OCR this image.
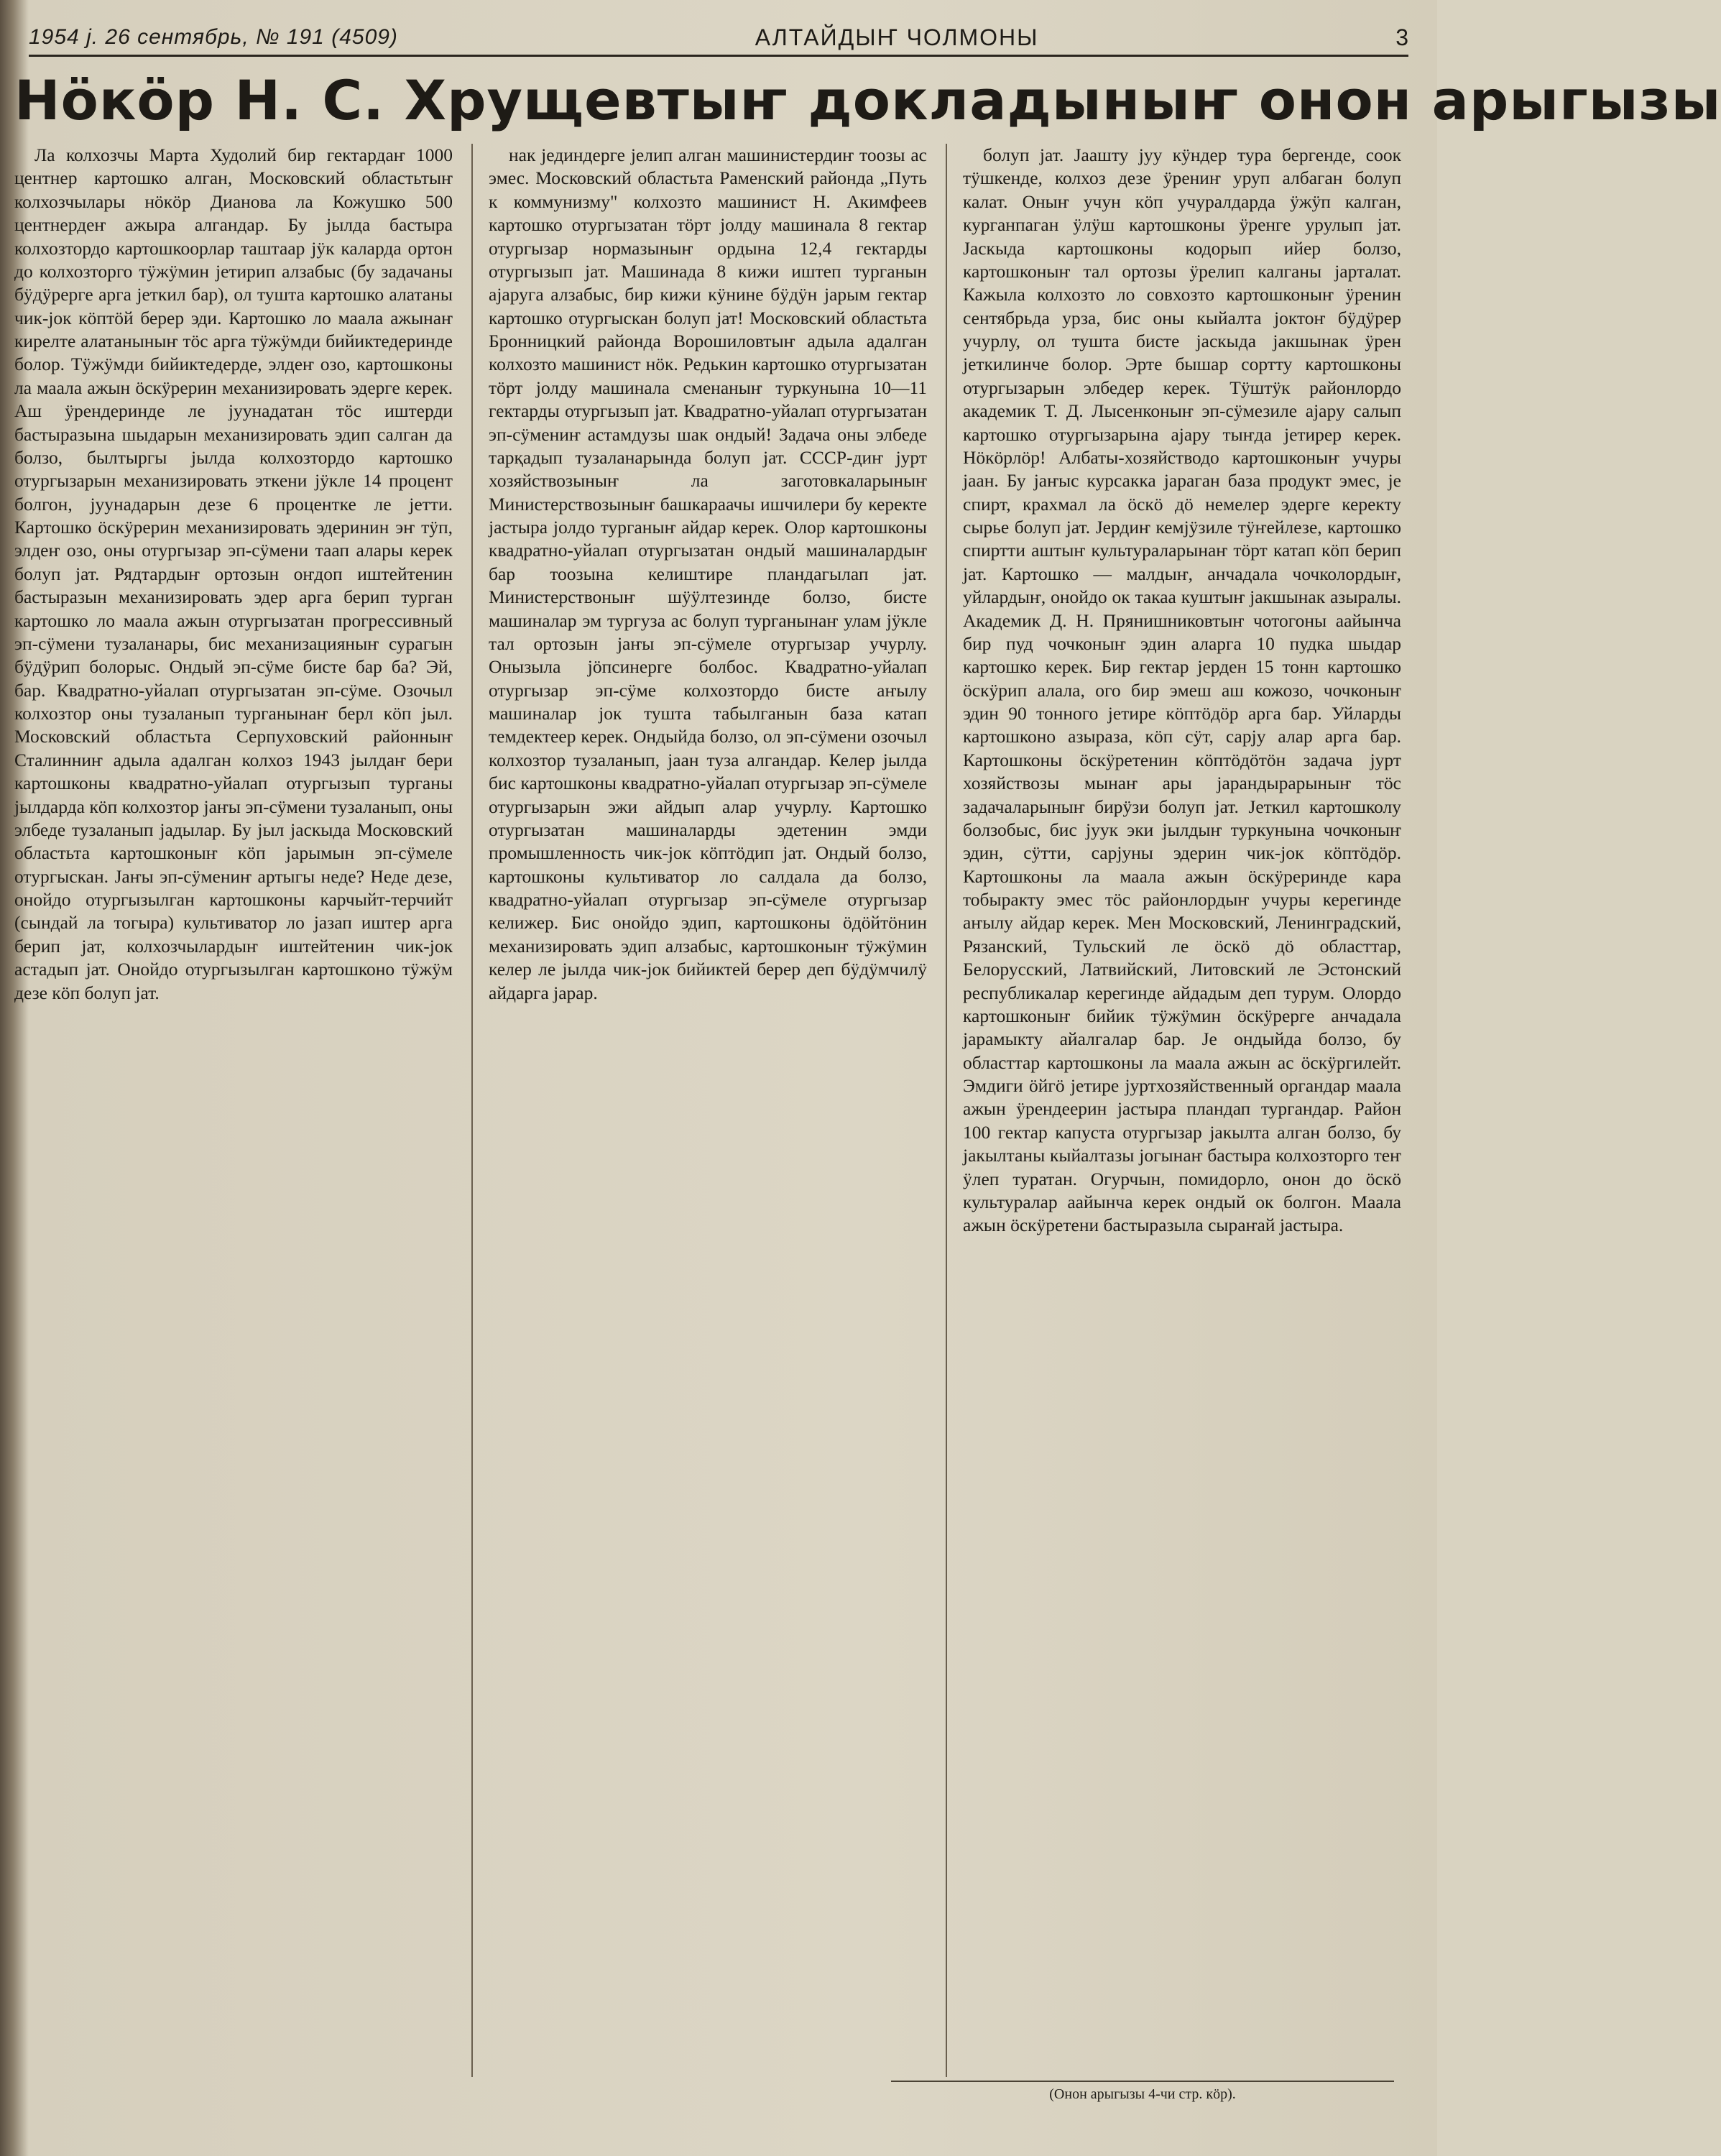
1954 j. 26 сентябрь, № 191 (4509)	АЛТАЙДЫҤ ЧОЛМОНЫ	3
Нӧкӧр Н. С. Хрущевтыҥ докладыныҥ онон арыгызы

Ла колхозчы Марта Худолий бир гектардаҥ 1000 центнер картошко алган, Московский областьтыҥ колхозчылары нӧкӧр Дианова ла Кожушко 500 центнердеҥ ажыра алгандар. Бу јылда бастыра колхозтордо картошкоорлар таштаар јӱк каларда ортон до колхозторго тӱжӱмин јетирип алзабыс (бу задачаны бӱдӱрерге арга јеткил бар), ол тушта картошко алатаны чик-јок кӧптӧй берер эди. Картошко ло маала ажынаҥ кирелте алатаныныҥ тӧс арга тӱжӱмди бийиктедеринде болор. Тӱжӱмди бийиктедерде, элдеҥ озо, картошконы ла маала ажын ӧскӱрерин механизировать эдерге керек. Аш ӱрендеринде ле јуунадатан тӧс иштерди бастыразына шыдарын механизировать эдип салган да болзо, былтыргы јылда колхозтордо картошко отургызарын механизировать эткени јӱкле 14 процент болгон, јуунадарын дезе 6 процентке ле јетти. Картошко ӧскӱрерин механизировать эдеринин эҥ тӱп, элдеҥ озо, оны отургызар эп-сӱмени таап алары керек болуп јат. Рядтардыҥ ортозын оҥдоп иштейтенин бастыразын механизировать эдер арга берип турган картошко ло маала ажын отургызатан прогрессивный эп-сӱмени тузаланары, бис механизацияныҥ сурагын бӱдӱрип болорыс. Ондый эп-сӱме бисте бар ба? Эй, бар. Квадратно-уйалап отургызатан эп-сӱме. Озочыл колхозтор оны тузаланып турганынаҥ берл кӧп јыл. Московский областьта Серпуховский районныҥ Сталинниҥ адыла адалган колхоз 1943 јылдаҥ бери картошконы квадратно-уйалап отургызып турганы јылдарда кӧп колхозтор јаҥы эп-сӱмени тузаланып, оны элбеде тузаланып јадылар. Бу јыл јаскыда Московский областьта картошконыҥ кӧп јарымын эп-сӱмеле отургыскан. Јаҥы эп-сӱмениҥ артыгы неде? Неде дезе, онойдо отургызылган картошконы карчыйт-терчийт (сындай ла тогыра) культиватор ло јазап иштер арга берип јат, колхозчылардыҥ иштейтенин чик-јок астадып јат. Онойдо отургызылган картошконо тӱжӱм дезе кӧп болуп јат.

нак јединдерге јелип алган машинистердиҥ тоозы ас эмес. Московский областьта Раменский районда „Путь к коммунизму" колхозто машинист Н. Акимфеев картошко отургызатан тӧрт јолду машинала 8 гектар отургызар нормазыныҥ ордына 12,4 гектарды отургызып јат. Машинада 8 кижи иштеп турганын ајаруга алзабыс, бир кижи кӱнине бӱдӱн јарым гектар картошко отургыскан болуп јат! Московский областьта Бронницкий районда Ворошиловтыҥ адыла адалган колхозто машинист нӧк. Редькин картошко отургызатан тӧрт јолду машинала сменаныҥ туркунына 10—11 гектарды отургызып јат. Квадратно-уйалап отургызатан эп-сӱмениҥ астамдузы шак ондый! Задача оны элбеде тарқадып тузаланарында болуп јат. СССР-диҥ јурт хозяйствозыныҥ ла заготовкаларыныҥ Министерствозыныҥ башкараачы ишчилери бу керекте јастыра јолдо турганыҥ айдар керек. Олор картошконы квадратно-уйалап отургызатан ондый машиналардыҥ бар тоозына келиштире пландагылап јат. Министерствоныҥ шӱӱлтезинде болзо, бисте машиналар эм тургуза ас болуп турганынаҥ улам јӱкле тал ортозын јаҥы эп-сӱмеле отургызар учурлу. Онызыла јӧпсинерге болбос. Квадратно-уйалап отургызар эп-сӱме колхозтордо бисте аҥылу машиналар јок тушта табылганын база катап темдектеер керек. Ондыйда болзо, ол эп-сӱмени озочыл колхозтор тузаланып, јаан туза алгандар. Келер јылда бис картошконы квадратно-уйалап отургызар эп-сӱмеле отургызарын эжи айдып алар учурлу. Картошко отургызатан машиналарды эдетенин эмди промышленность чик-јок кӧптӧдип јат. Ондый болзо, картошконы культиватор ло салдала да болзо, квадратно-уйалап отургызар эп-сӱмеле отургызар келижер. Бис онойдо эдип, картошконы ӧдӧйтӧнин механизировать эдип алзабыс, картошконыҥ тӱжӱмин келер ле јылда чик-јок бийиктей берер деп бӱдӱмчилӱ айдарга јарар.

болуп јат. Јаашту јуу кӱндер тура бергенде, соок тӱшкенде, колхоз дезе ӱрениҥ уруп албаган болуп калат. Оныҥ учун кӧп учуралдарда ӱжӱп калган, курганпаган ӱлӱш картошконы ӱренге урулып јат. Јаскыда картошконы кодорып ийер болзо, картошконыҥ тал ортозы ӱрелип калганы јарталат. Кажыла колхозто ло совхозто картошконыҥ ӱренин сентябрьда урза, бис оны кыйалта јоктоҥ бӱдӱрер учурлу, ол тушта бисте јаскыда јакшынак ӱрен јеткилинче болор. Эрте бышар сортту картошконы отургызарын элбедер керек. Тӱштӱк районлордо академик Т. Д. Лысенконыҥ эп-сӱмезиле ајару салып картошко отургызарына ајару тыҥда јетирер керек. Нӧкӧрлӧр! Албаты-хозяйстводо картошконыҥ учуры јаан. Бу јаҥыс курсакка јараган база продукт эмес, је спирт, крахмал ла ӧскӧ дӧ немелер эдерге керекту сырье болуп јат. Јердиҥ кемјӱзиле тӱҥейлезе, картошко спиртти аштыҥ культураларынаҥ тӧрт катап кӧп берип јат. Картошко — малдыҥ, анчадала чочколордыҥ, уйлардыҥ, онойдо ок такаа куштыҥ јакшынак азыралы. Академик Д. Н. Прянишниковтыҥ чотогоны аайынча бир пуд чочконыҥ эдин аларга 10 пудка шыдар картошко керек. Бир гектар јерден 15 тонн картошко ӧскӱрип алала, ого бир эмеш аш кожозо, чочконыҥ эдин 90 тонного јетире кӧптӧдӧр арга бар. Уйларды картошконо азыраза, кӧп сӱт, сарју алар арга бар. Картошконы ӧскӱретенин кӧптӧдӧтӧн задача јурт хозяйствозы мынаҥ ары јарандырарыныҥ тӧс задачаларыныҥ бирӱзи болуп јат. Јеткил картошколу болзобыс, бис јуук эки јылдыҥ туркунына чочконыҥ эдин, сӱтти, сарјуны эдерин чик-јок кӧптӧдӧр. Картошконы ла маала ажын ӧскӱреринде кара тобыракту эмес тӧс районлордыҥ учуры керегинде аҥылу айдар керек. Мен Московский, Ленинградский, Рязанский, Тульский ле ӧскӧ дӧ областтар, Белорусский, Латвийский, Литовский ле Эстонский республикалар керегинде айдадым деп турум. Олордо картошконыҥ бийик тӱжӱмин ӧскӱрерге анчадала јарамыкту айалгалар бар. Је ондыйда болзо, бу областтар картошконы ла маала ажын ас ӧскӱргилейт. Эмдиги ӧйгӧ јетире јуртхозяйственный органдар маала ажын ӱрендеерин јастыра пландап тургандар. Район 100 гектар капуста отургызар јакылта алган болзо, бу јакылтаны кыйалтазы јогынаҥ бастыра колхозторго теҥ ӱлеп туратан. Огурчын, помидорло, онон до ӧскӧ культуралар аайынча керек ондый ок болгон. Маала ажын ӧскӱретени бастыразыла сыраҥай јастыра.

(Онон арыгызы 4-чи стр. кӧр).
